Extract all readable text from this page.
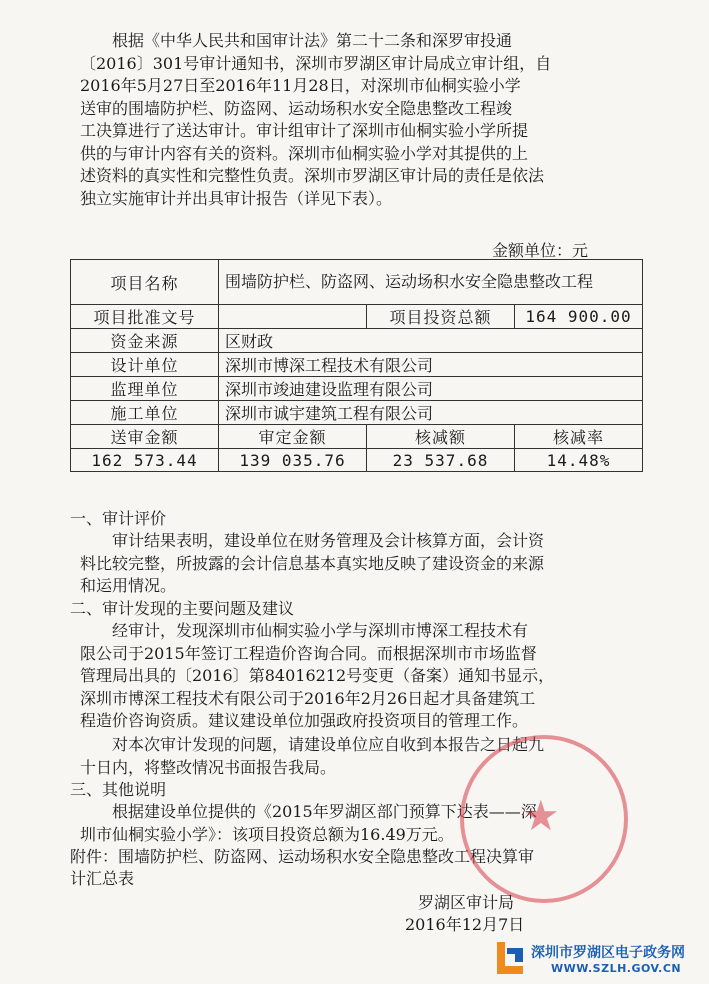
根据《中华人民共和国审计法》第二十二条和深罗审投通
〔2016〕301号审计通知书，深圳市罗湖区审计局成立审计组，自
2016年5月27日至2016年11月28日，对深圳市仙桐实验小学
送审的围墙防护栏、防盗网、运动场积水安全隐患整改工程竣
工决算进行了送达审计。审计组审计了深圳市仙桐实验小学所提
供的与审计内容有关的资料。深圳市仙桐实验小学对其提供的上
述资料的真实性和完整性负责。深圳市罗湖区审计局的责任是依法
独立实施审计并出具审计报告（详见下表）。
金额单位：元
项目名称	围墙防护栏、防盗网、运动场积水安全隐患整改工程		
项目批准文号		项目投资总额	164 900.00
资金来源	区财政		
设计单位	深圳市博深工程技术有限公司		
监理单位	深圳市竣迪建设监理有限公司		
施工单位	深圳市诚宇建筑工程有限公司		
送审金额	审定金额	核减额	核减率
162 573.44	139 035.76	23 537.68	14.48%
一、审计评价
审计结果表明，建设单位在财务管理及会计核算方面，会计资
料比较完整，所披露的会计信息基本真实地反映了建设资金的来源
和运用情况。
二、审计发现的主要问题及建议
经审计，发现深圳市仙桐实验小学与深圳市博深工程技术有
限公司于2015年签订工程造价咨询合同。而根据深圳市市场监督
管理局出具的〔2016〕第84016212号变更（备案）通知书显示，
深圳市博深工程技术有限公司于2016年2月26日起才具备建筑工
程造价咨询资质。建议建设单位加强政府投资项目的管理工作。
对本次审计发现的问题，请建设单位应自收到本报告之日起九
十日内，将整改情况书面报告我局。
三、其他说明
根据建设单位提供的《2015年罗湖区部门预算下达表——深
圳市仙桐实验小学》：该项目投资总额为16.49万元。
附件：围墙防护栏、防盗网、运动场积水安全隐患整改工程决算审
计汇总表
★
罗湖区审计局
2016年12月7日
深圳市罗湖区电子政务网
WWW.SZLH.GOV.CN
